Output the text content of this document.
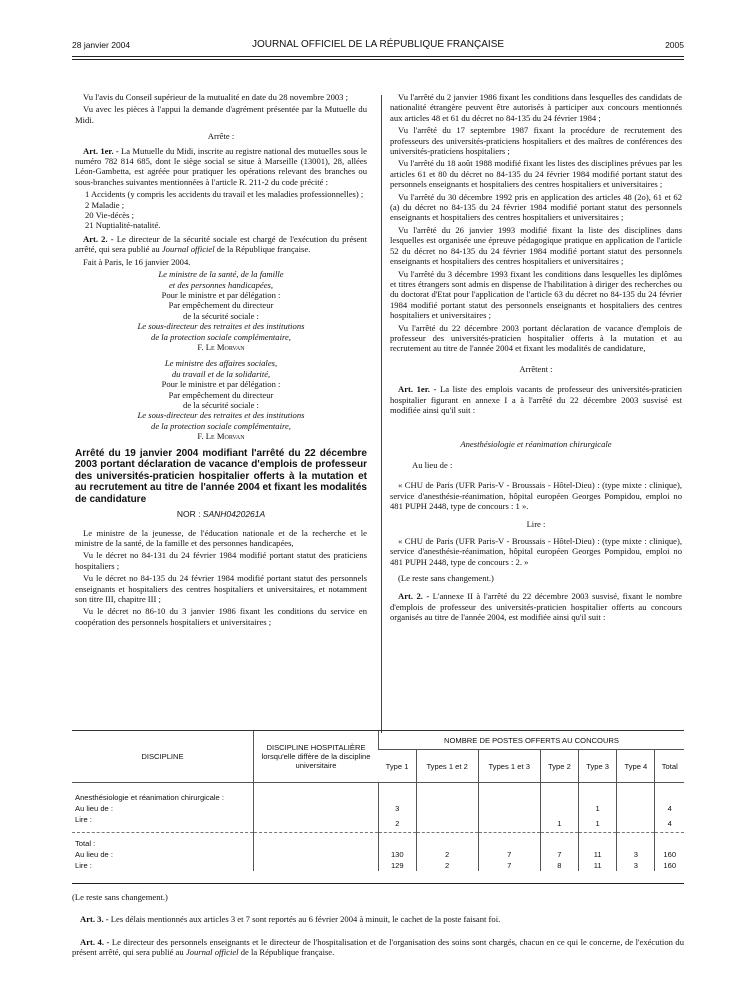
28 janvier 2004	JOURNAL OFFICIEL DE LA RÉPUBLIQUE FRANÇAISE	2005

Vu l'avis du Conseil supérieur de la mutualité en date du 28 novembre 2003 ;

Vu avec les pièces à l'appui la demande d'agrément présentée par la Mutuelle du Midi.

Arrête :

Art. 1er. - La Mutuelle du Midi, inscrite au registre national des mutuelles sous le numéro 782 814 685, dont le siège social se situe à Marseille (13001), 28, allées Léon-Gambetta, est agréée pour pratiquer les opérations relevant des branches ou sous-branches suivantes mentionnées à l'article R. 211-2 du code précité :

1 Accidents (y compris les accidents du travail et les maladies professionnelles) ;
2 Maladie ;
20 Vie-décès ;
21 Nuptialité-natalité.

Art. 2. - Le directeur de la sécurité sociale est chargé de l'exécution du présent arrêté, qui sera publié au Journal officiel de la République française.

Fait à Paris, le 16 janvier 2004.

Le ministre de la santé, de la famille
et des personnes handicapées,
Pour le ministre et par délégation :
Par empêchement du directeur
de la sécurité sociale :
Le sous-directeur des retraites et des institutions
de la protection sociale complémentaire,
F. Le Morvan
Le ministre des affaires sociales,
du travail et de la solidarité,
Pour le ministre et par délégation :
Par empêchement du directeur
de la sécurité sociale :
Le sous-directeur des retraites et des institutions
de la protection sociale complémentaire,
F. Le Morvan
Arrêté du 19 janvier 2004 modifiant l'arrêté du 22 décembre 2003 portant déclaration de vacance d'emplois de professeur des universités-praticien hospitalier offerts à la mutation et au recrutement au titre de l'année 2004 et fixant les modalités de candidature
NOR : SANH0420261A

Le ministre de la jeunesse, de l'éducation nationale et de la recherche et le ministre de la santé, de la famille et des personnes handicapées,

Vu le décret no 84-131 du 24 février 1984 modifié portant statut des praticiens hospitaliers ;

Vu le décret no 84-135 du 24 février 1984 modifié portant statut des personnels enseignants et hospitaliers des centres hospitaliers et universitaires, et notamment son titre III, chapitre III ;

Vu le décret no 86-10 du 3 janvier 1986 fixant les conditions du service en coopération des personnels hospitaliers et universitaires ;

Vu l'arrêté du 2 janvier 1986 fixant les conditions dans lesquelles des candidats de nationalité étrangère peuvent être autorisés à participer aux concours mentionnés aux articles 48 et 61 du décret no 84-135 du 24 février 1984 ;

Vu l'arrêté du 17 septembre 1987 fixant la procédure de recrutement des professeurs des universités-praticiens hospitaliers et des maîtres de conférences des universités-praticiens hospitaliers ;

Vu l'arrêté du 18 août 1988 modifié fixant les listes des disciplines prévues par les articles 61 et 80 du décret no 84-135 du 24 février 1984 modifié portant statut des personnels enseignants et hospitaliers des centres hospitaliers et universitaires ;

Vu l'arrêté du 30 décembre 1992 pris en application des articles 48 (2o), 61 et 62 (a) du décret no 84-135 du 24 février 1984 modifié portant statut des personnels enseignants et hospitaliers des centres hospitaliers et universitaires ;

Vu l'arrêté du 26 janvier 1993 modifié fixant la liste des disciplines dans lesquelles est organisée une épreuve pédagogique pratique en application de l'article 52 du décret no 84-135 du 24 février 1984 modifié portant statut des personnels enseignants et hospitaliers des centres hospitaliers et universitaires ;

Vu l'arrêté du 3 décembre 1993 fixant les conditions dans lesquelles les diplômes et titres étrangers sont admis en dispense de l'habilitation à diriger des recherches ou du doctorat d'Etat pour l'application de l'article 63 du décret no 84-135 du 24 février 1984 modifié portant statut des personnels enseignants et hospitaliers des centres hospitaliers et universitaires ;

Vu l'arrêté du 22 décembre 2003 portant déclaration de vacance d'emplois de professeur des universités-praticien hospitalier offerts à la mutation et au recrutement au titre de l'année 2004 et fixant les modalités de candidature,

Arrêtent :

Art. 1er. - La liste des emplois vacants de professeur des universités-praticien hospitalier figurant en annexe I a à l'arrêté du 22 décembre 2003 susvisé est modifiée ainsi qu'il suit :

Anesthésiologie et réanimation chirurgicale

Au lieu de :

« CHU de Paris (UFR Paris-V - Broussais - Hôtel-Dieu) : (type mixte : clinique), service d'anesthésie-réanimation, hôpital européen Georges Pompidou, emploi no 481 PUPH 2448, type de concours : 1 ».

Lire :

« CHU de Paris (UFR Paris-V - Broussais - Hôtel-Dieu) : (type mixte : clinique), service d'anesthésie-réanimation, hôpital européen Georges Pompidou, emploi no 481 PUPH 2448, type de concours : 2. »

(Le reste sans changement.)

Art. 2. - L'annexe II à l'arrêté du 22 décembre 2003 susvisé, fixant le nombre d'emplois de professeur des universités-praticien hospitalier offerts au concours organisés au titre de l'année 2004, est modifiée ainsi qu'il suit :

DISCIPLINE	DISCIPLINE HOSPITALIÈRE lorsqu'elle diffère de la discipline universitaire	NOMBRE DE POSTES OFFERTS AU CONCOURS						
		Type 1	Types 1 et 2	Types 1 et 3	Type 2	Type 3	Type 4	Total
Anesthésiologie et réanimation chirurgicale :								
Au lieu de :		3				1		4
Lire :		2			1	1		4
Total :								
Au lieu de :		130	2	7	7	11	3	160
Lire :		129	2	7	8	11	3	160
(Le reste sans changement.)
Art. 3. - Les délais mentionnés aux articles 3 et 7 sont reportés au 6 février 2004 à minuit, le cachet de la poste faisant foi.
Art. 4. - Le directeur des personnels enseignants et le directeur de l'hospitalisation et de l'organisation des soins sont chargés, chacun en ce qui le concerne, de l'exécution du présent arrêté, qui sera publié au Journal officiel de la République française.
